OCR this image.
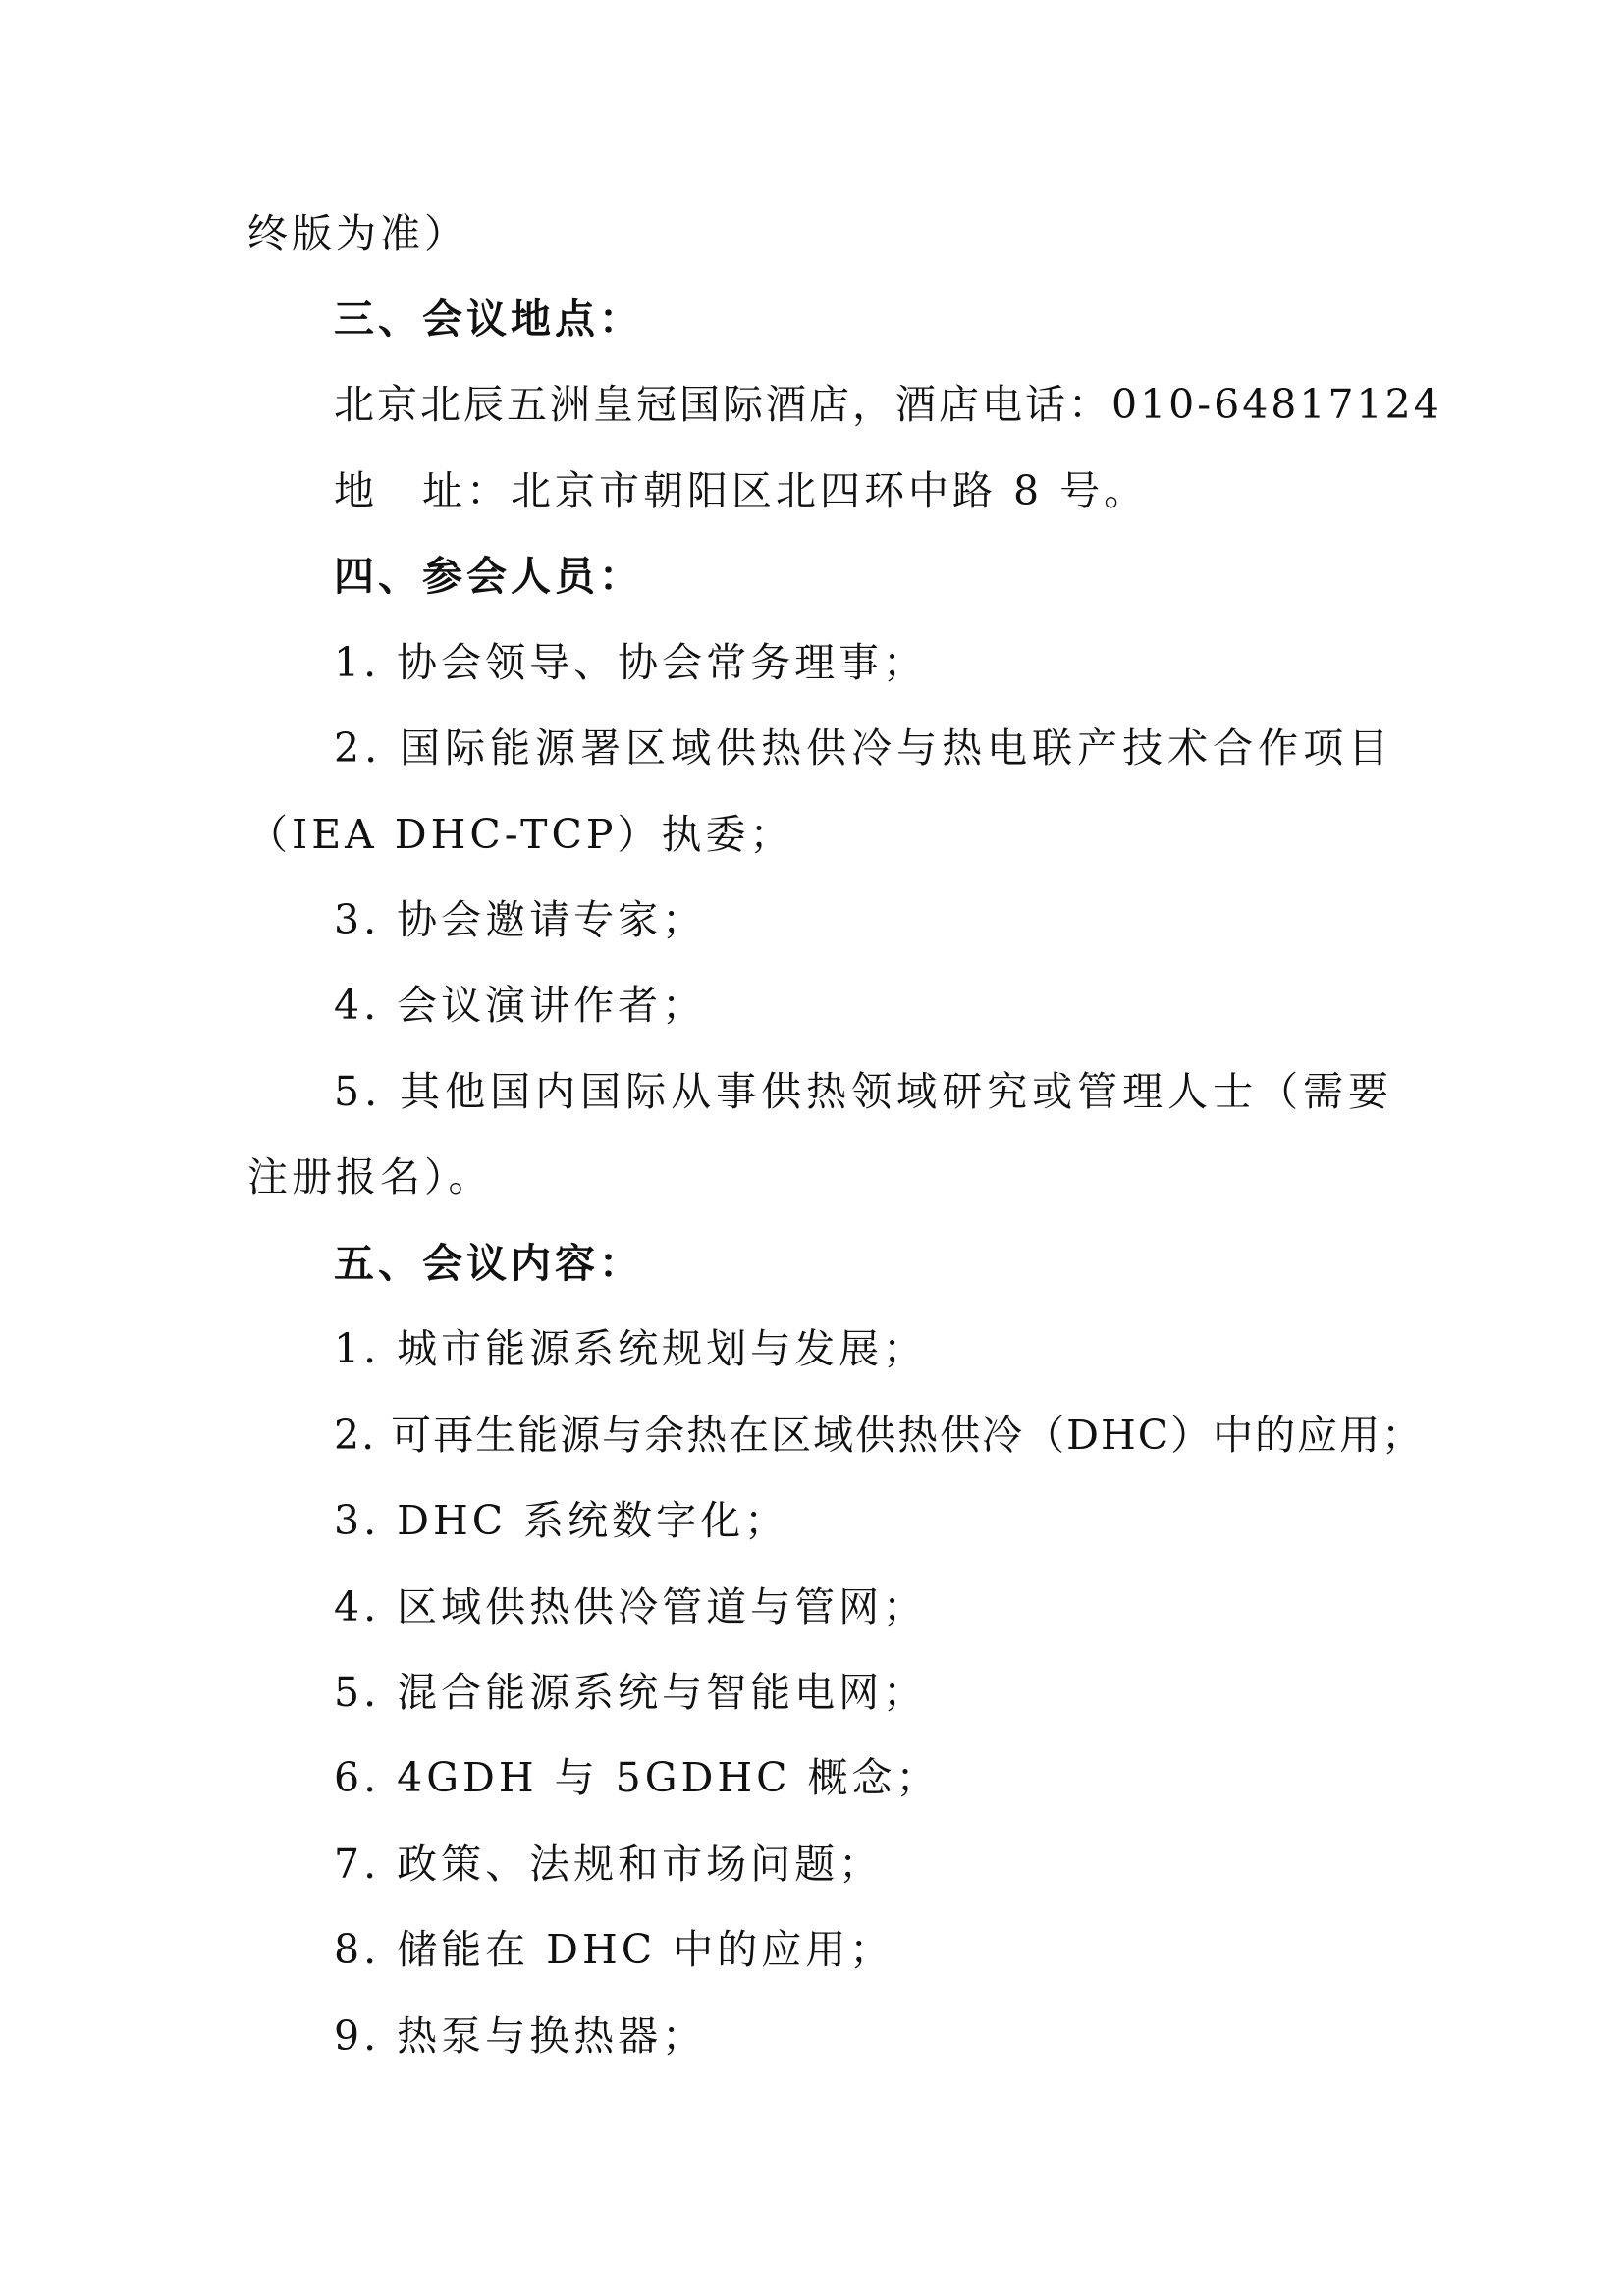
终版为准）
三、会议地点：
北京北辰五洲皇冠国际酒店，酒店电话：010-64817124
地　址：北京市朝阳区北四环中路 8 号。
四、参会人员：
1. 协会领导、协会常务理事；
2. 国际能源署区域供热供冷与热电联产技术合作项目
（IEA DHC-TCP）执委；
3. 协会邀请专家；
4. 会议演讲作者；
5. 其他国内国际从事供热领域研究或管理人士（需要
注册报名）。
五、会议内容：
1. 城市能源系统规划与发展；
2. 可再生能源与余热在区域供热供冷（DHC）中的应用；
3. DHC 系统数字化；
4. 区域供热供冷管道与管网；
5. 混合能源系统与智能电网；
6. 4GDH 与 5GDHC 概念；
7. 政策、法规和市场问题；
8. 储能在 DHC 中的应用；
9. 热泵与换热器；
